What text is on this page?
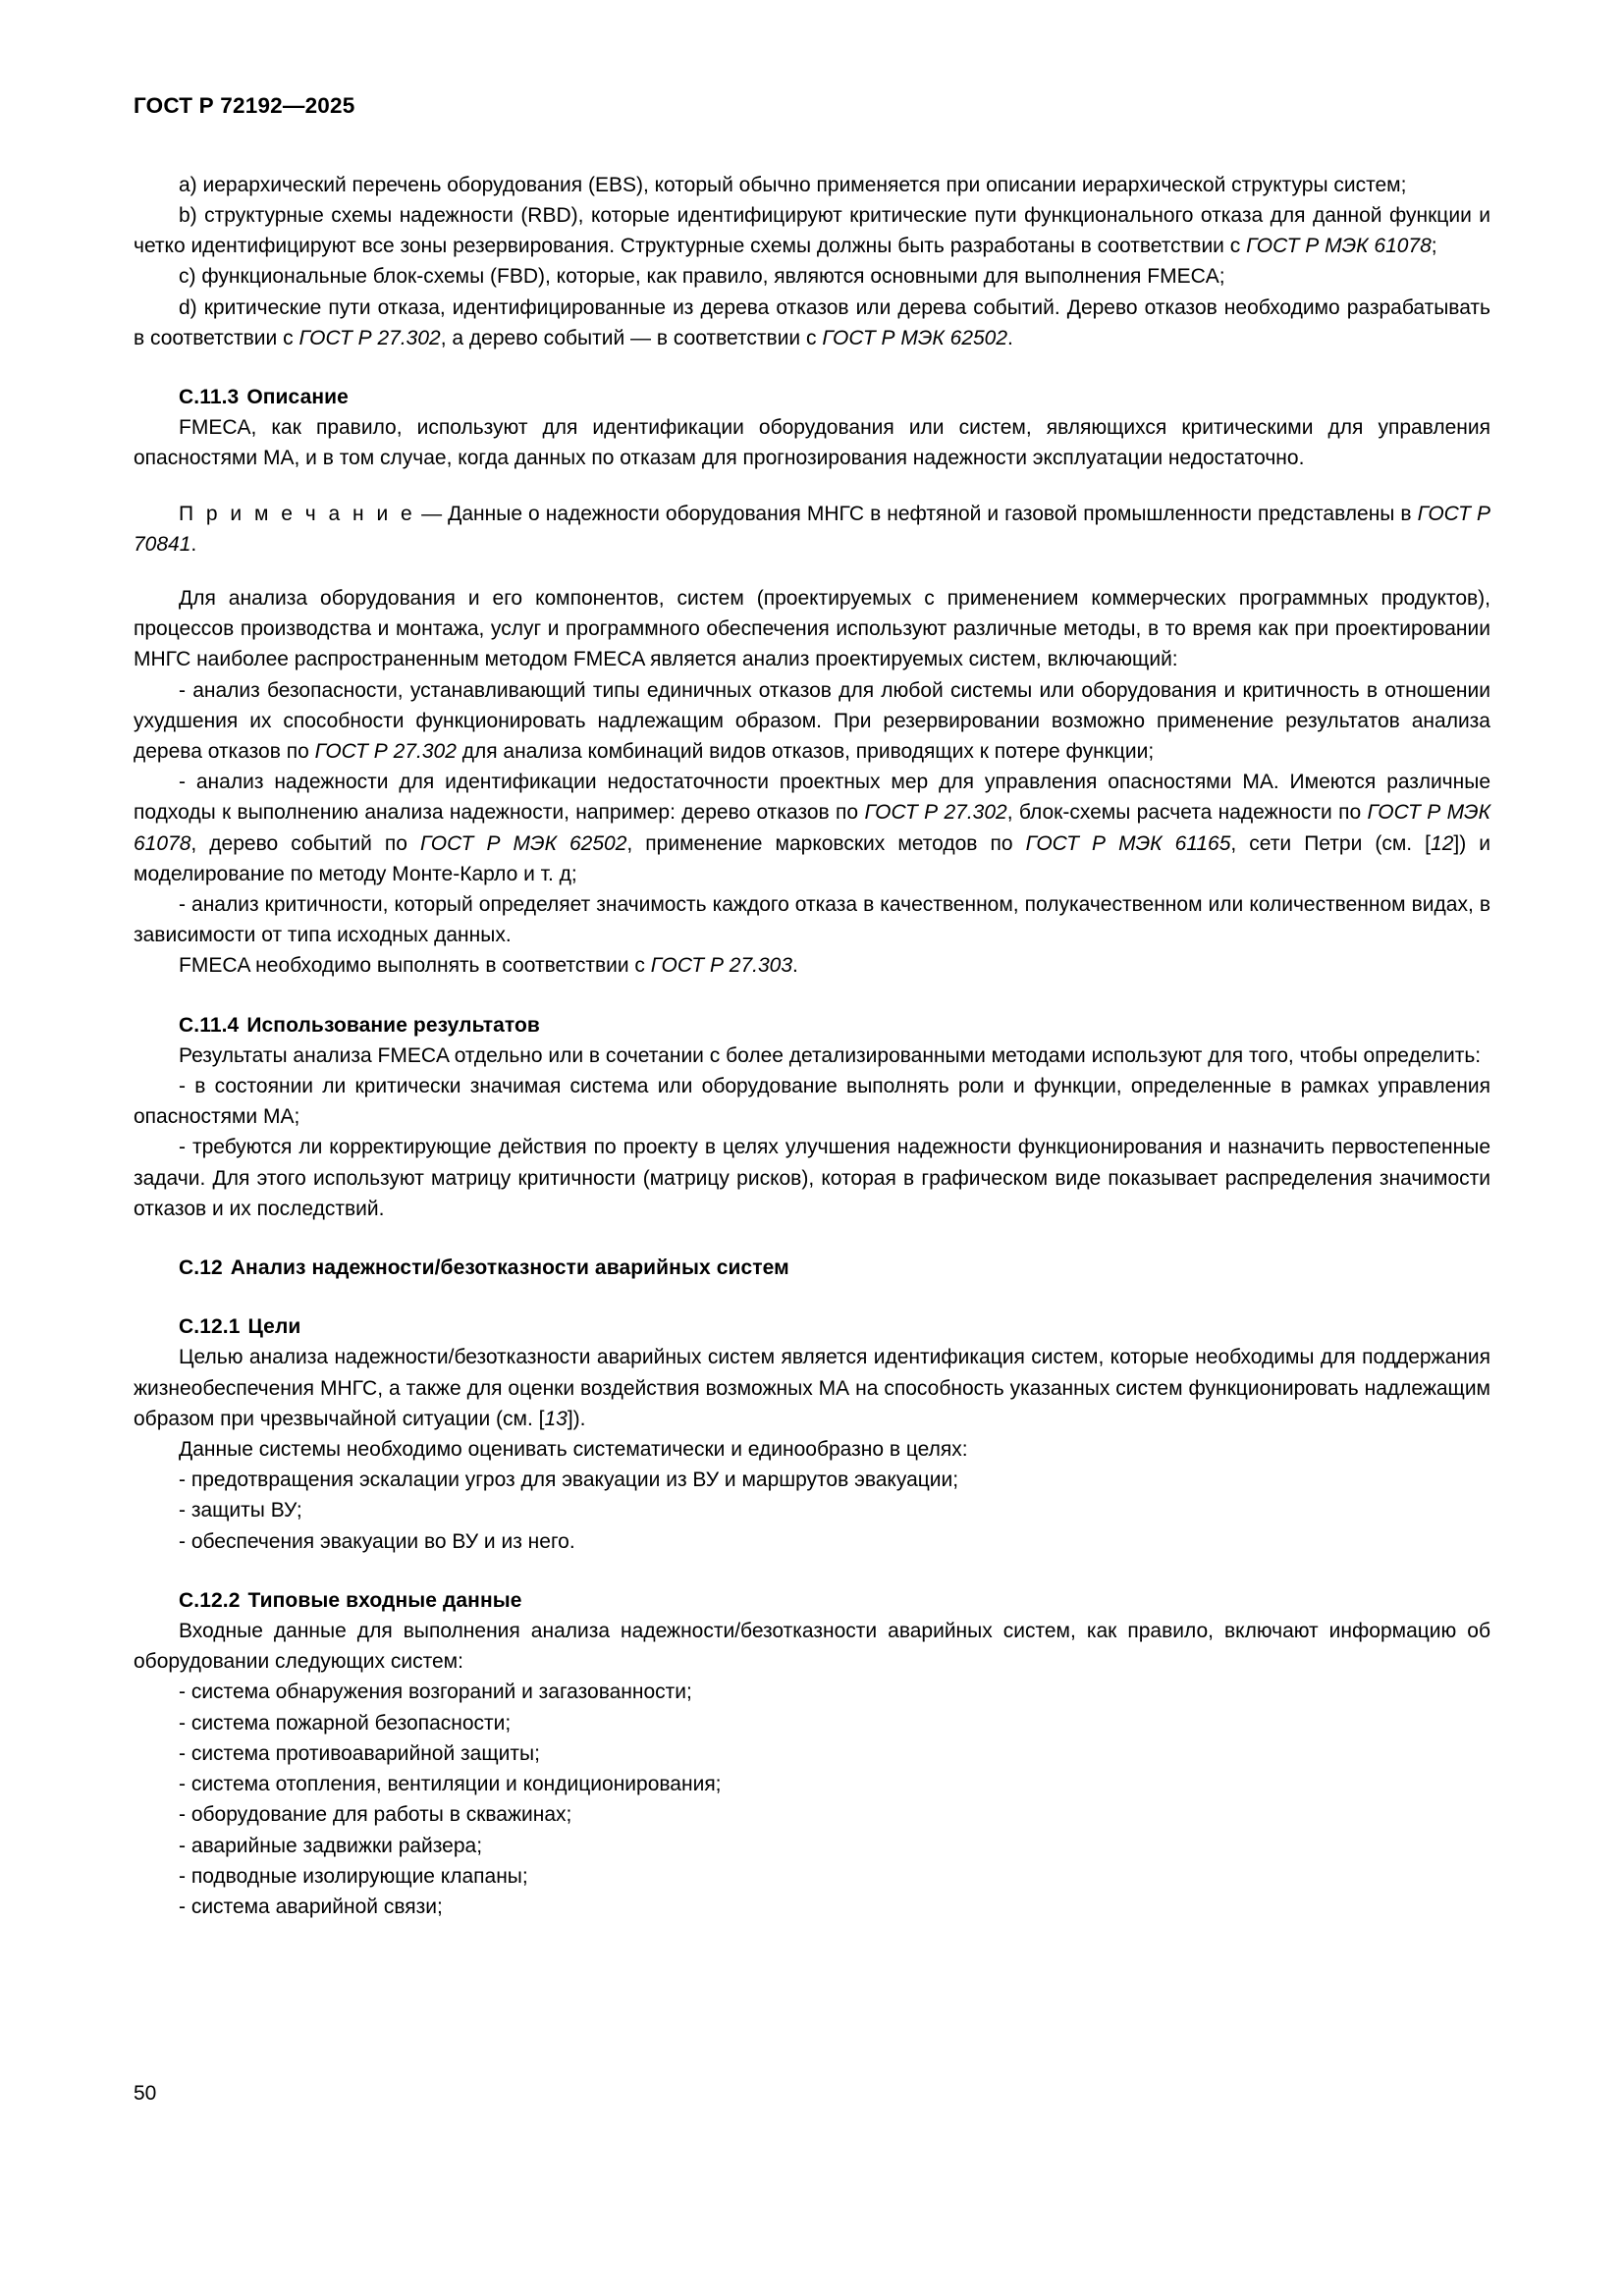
ГОСТ Р 72192—2025

a) иерархический перечень оборудования (EBS), который обычно применяется при описании иерархической структуры систем;

b) структурные схемы надежности (RBD), которые идентифицируют критические пути функционального отказа для данной функции и четко идентифицируют все зоны резервирования. Структурные схемы должны быть разработаны в соответствии с ГОСТ Р МЭК 61078;

c) функциональные блок-схемы (FBD), которые, как правило, являются основными для выполнения FMECA;

d) критические пути отказа, идентифицированные из дерева отказов или дерева событий. Дерево отказов необходимо разрабатывать в соответствии с ГОСТ Р 27.302, а дерево событий — в соответствии с ГОСТ Р МЭК 62502.

С.11.3 Описание

FMECA, как правило, используют для идентификации оборудования или систем, являющихся критическими для управления опасностями МА, и в том случае, когда данных по отказам для прогнозирования надежности эксплуатации недостаточно.

П р и м е ч а н и е — Данные о надежности оборудования МНГС в нефтяной и газовой промышленности представлены в ГОСТ Р 70841.

Для анализа оборудования и его компонентов, систем (проектируемых с применением коммерческих программных продуктов), процессов производства и монтажа, услуг и программного обеспечения используют различные методы, в то время как при проектировании МНГС наиболее распространенным методом FMECA является анализ проектируемых систем, включающий:

- анализ безопасности, устанавливающий типы единичных отказов для любой системы или оборудования и критичность в отношении ухудшения их способности функционировать надлежащим образом. При резервировании возможно применение результатов анализа дерева отказов по ГОСТ Р 27.302 для анализа комбинаций видов отказов, приводящих к потере функции;

- анализ надежности для идентификации недостаточности проектных мер для управления опасностями МА. Имеются различные подходы к выполнению анализа надежности, например: дерево отказов по ГОСТ Р 27.302, блок-схемы расчета надежности по ГОСТ Р МЭК 61078, дерево событий по ГОСТ Р МЭК 62502, применение марковских методов по ГОСТ Р МЭК 61165, сети Петри (см. [12]) и моделирование по методу Монте-Карло и т. д;

- анализ критичности, который определяет значимость каждого отказа в качественном, полукачественном или количественном видах, в зависимости от типа исходных данных.

FMECA необходимо выполнять в соответствии с ГОСТ Р 27.303.

С.11.4 Использование результатов

Результаты анализа FMECA отдельно или в сочетании с более детализированными методами используют для того, чтобы определить:

- в состоянии ли критически значимая система или оборудование выполнять роли и функции, определенные в рамках управления опасностями МА;

- требуются ли корректирующие действия по проекту в целях улучшения надежности функционирования и назначить первостепенные задачи. Для этого используют матрицу критичности (матрицу рисков), которая в графическом виде показывает распределения значимости отказов и их последствий.

С.12 Анализ надежности/безотказности аварийных систем
С.12.1 Цели

Целью анализа надежности/безотказности аварийных систем является идентификация систем, которые необходимы для поддержания жизнеобеспечения МНГС, а также для оценки воздействия возможных МА на способность указанных систем функционировать надлежащим образом при чрезвычайной ситуации (см. [13]).

Данные системы необходимо оценивать систематически и единообразно в целях:

- предотвращения эскалации угроз для эвакуации из ВУ и маршрутов эвакуации;

- защиты ВУ;

- обеспечения эвакуации во ВУ и из него.

С.12.2 Типовые входные данные

Входные данные для выполнения анализа надежности/безотказности аварийных систем, как правило, включают информацию об оборудовании следующих систем:

- система обнаружения возгораний и загазованности;

- система пожарной безопасности;

- система противоаварийной защиты;

- система отопления, вентиляции и кондиционирования;

- оборудование для работы в скважинах;

- аварийные задвижки райзера;

- подводные изолирующие клапаны;

- система аварийной связи;

50
